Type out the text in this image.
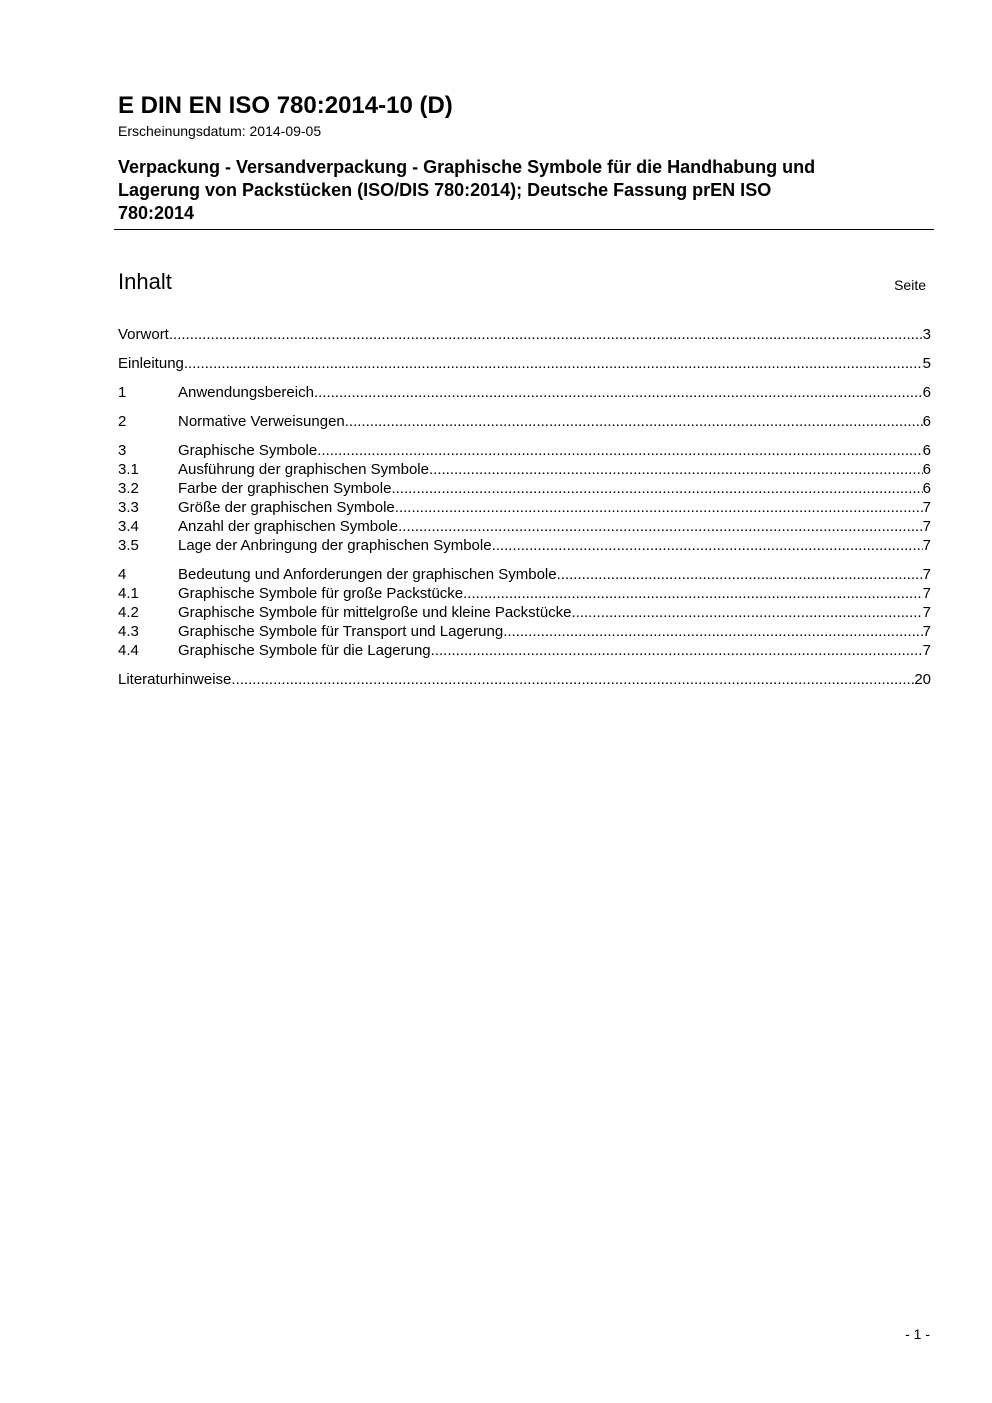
E DIN EN ISO 780:2014-10 (D)
Erscheinungsdatum: 2014-09-05
Verpackung - Versandverpackung - Graphische Symbole für die Handhabung und
Lagerung von Packstücken (ISO/DIS 780:2014); Deutsche Fassung prEN ISO
780:2014
Inhalt	Seite
Vorwort .....	3
Einleitung .....	5
1	Anwendungsbereich .....	6
2	Normative Verweisungen .....	6
3	Graphische Symbole .....	6
3.1	Ausführung der graphischen Symbole .....	6
3.2	Farbe der graphischen Symbole .....	6
3.3	Größe der graphischen Symbole .....	7
3.4	Anzahl der graphischen Symbole .....	7
3.5	Lage der Anbringung der graphischen Symbole .....	7
4	Bedeutung und Anforderungen der graphischen Symbole .....	7
4.1	Graphische Symbole für große Packstücke .....	7
4.2	Graphische Symbole für mittelgroße und kleine Packstücke .....	7
4.3	Graphische Symbole für Transport und Lagerung .....	7
4.4	Graphische Symbole für die Lagerung .....	7
Literaturhinweise .....	20
- 1 -
